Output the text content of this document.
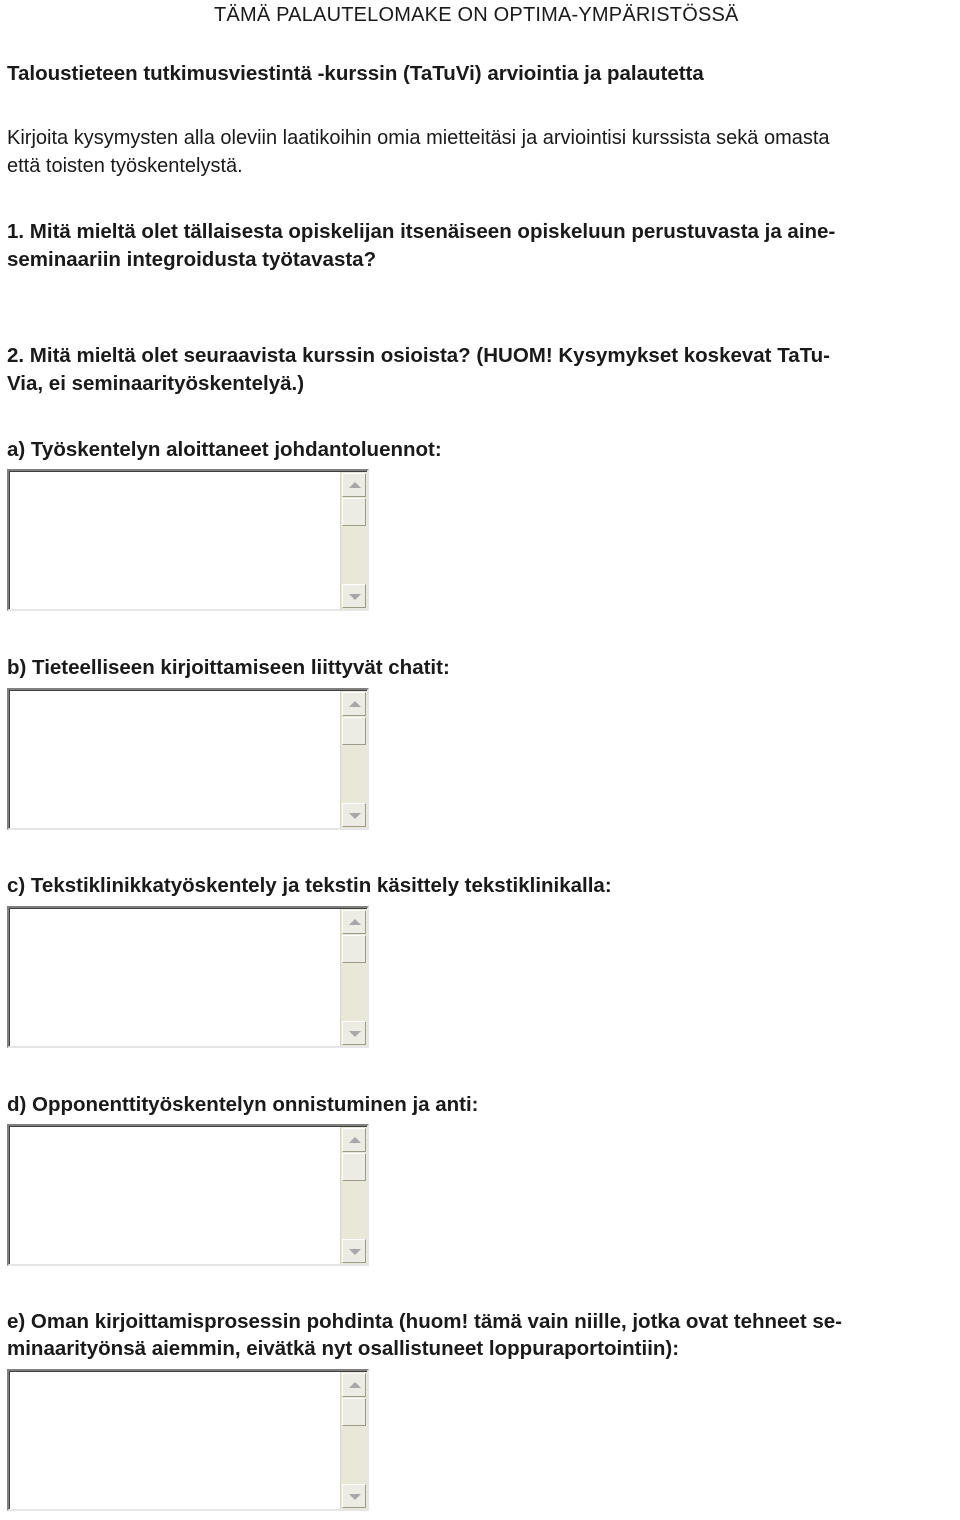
TÄMÄ PALAUTELOMAKE ON OPTIMA-YMPÄRISTÖSSÄ

Taloustieteen tutkimusviestintä -kurssin (TaTuVi) arviointia ja palautetta

Kirjoita kysymysten alla oleviin laatikoihin omia mietteitäsi ja arviointisi kurssista sekä omasta

että toisten työskentelystä.

1. Mitä mieltä olet tällaisesta opiskelijan itsenäiseen opiskeluun perustuvasta ja aine-

seminaariin integroidusta työtavasta?

2. Mitä mieltä olet seuraavista kurssin osioista? (HUOM! Kysymykset koskevat TaTu-

Via, ei seminaarityöskentelyä.)

a) Työskentelyn aloittaneet johdantoluennot:

b) Tieteelliseen kirjoittamiseen liittyvät chatit:

c) Tekstiklinikkatyöskentely ja tekstin käsittely tekstiklinikalla:

d) Opponenttityöskentelyn onnistuminen ja anti:

e) Oman kirjoittamisprosessin pohdinta (huom! tämä vain niille, jotka ovat tehneet se-

minaarityönsä aiemmin, eivätkä nyt osallistuneet loppuraportointiin):
